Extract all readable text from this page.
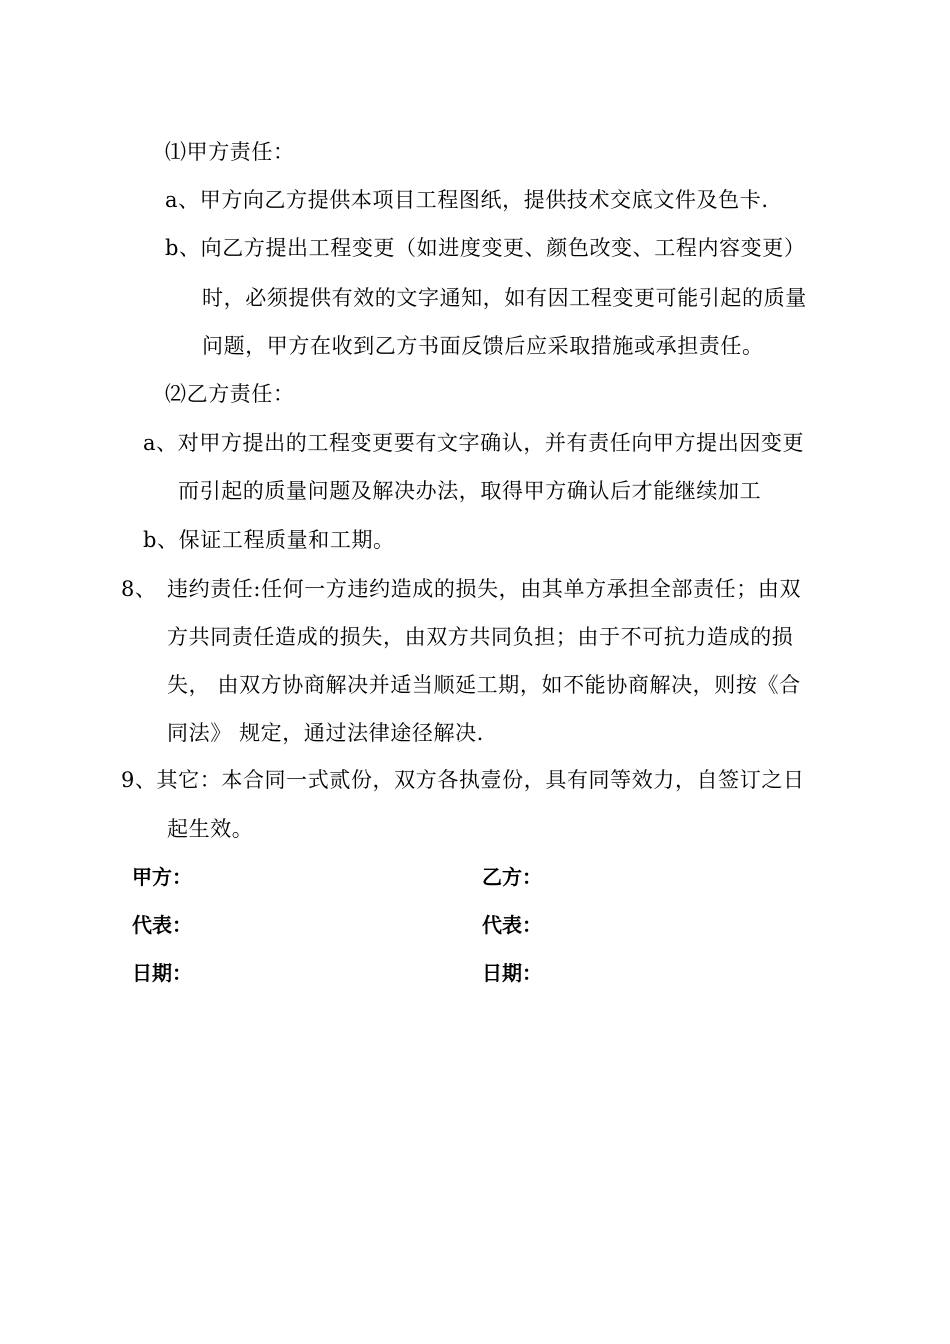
⑴甲方责任：
a、甲方向乙方提供本项目工程图纸，提供技术交底文件及色卡.
b、向乙方提出工程变更（如进度变更、颜色改变、工程内容变更）
时，必须提供有效的文字通知，如有因工程变更可能引起的质量
问题，甲方在收到乙方书面反馈后应采取措施或承担责任。
⑵乙方责任：
a、对甲方提出的工程变更要有文字确认，并有责任向甲方提出因变更
而引起的质量问题及解决办法，取得甲方确认后才能继续加工
b、保证工程质量和工期。
8、 违约责任:任何一方违约造成的损失，由其单方承担全部责任；由双
方共同责任造成的损失，由双方共同负担；由于不可抗力造成的损
失， 由双方协商解决并适当顺延工期，如不能协商解决，则按《合
同法》 规定，通过法律途径解决.
9、其它：本合同一式贰份，双方各执壹份，具有同等效力，自签订之日
起生效。
甲方：	乙方：
代表：	代表：
日期：	日期：
